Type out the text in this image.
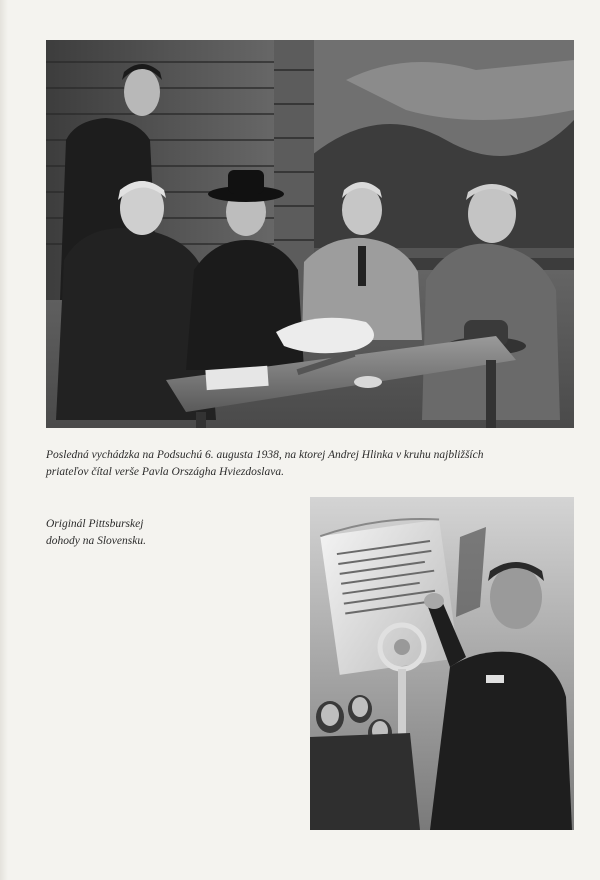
Posledná vychádzka na Podsuchú 6. augusta 1938, na ktorej Andrej Hlinka v kruhu najbližších
priateľov čítal verše Pavla Országha Hviezdoslava.

Originál Pittsburskej
dohody na Slovensku.
